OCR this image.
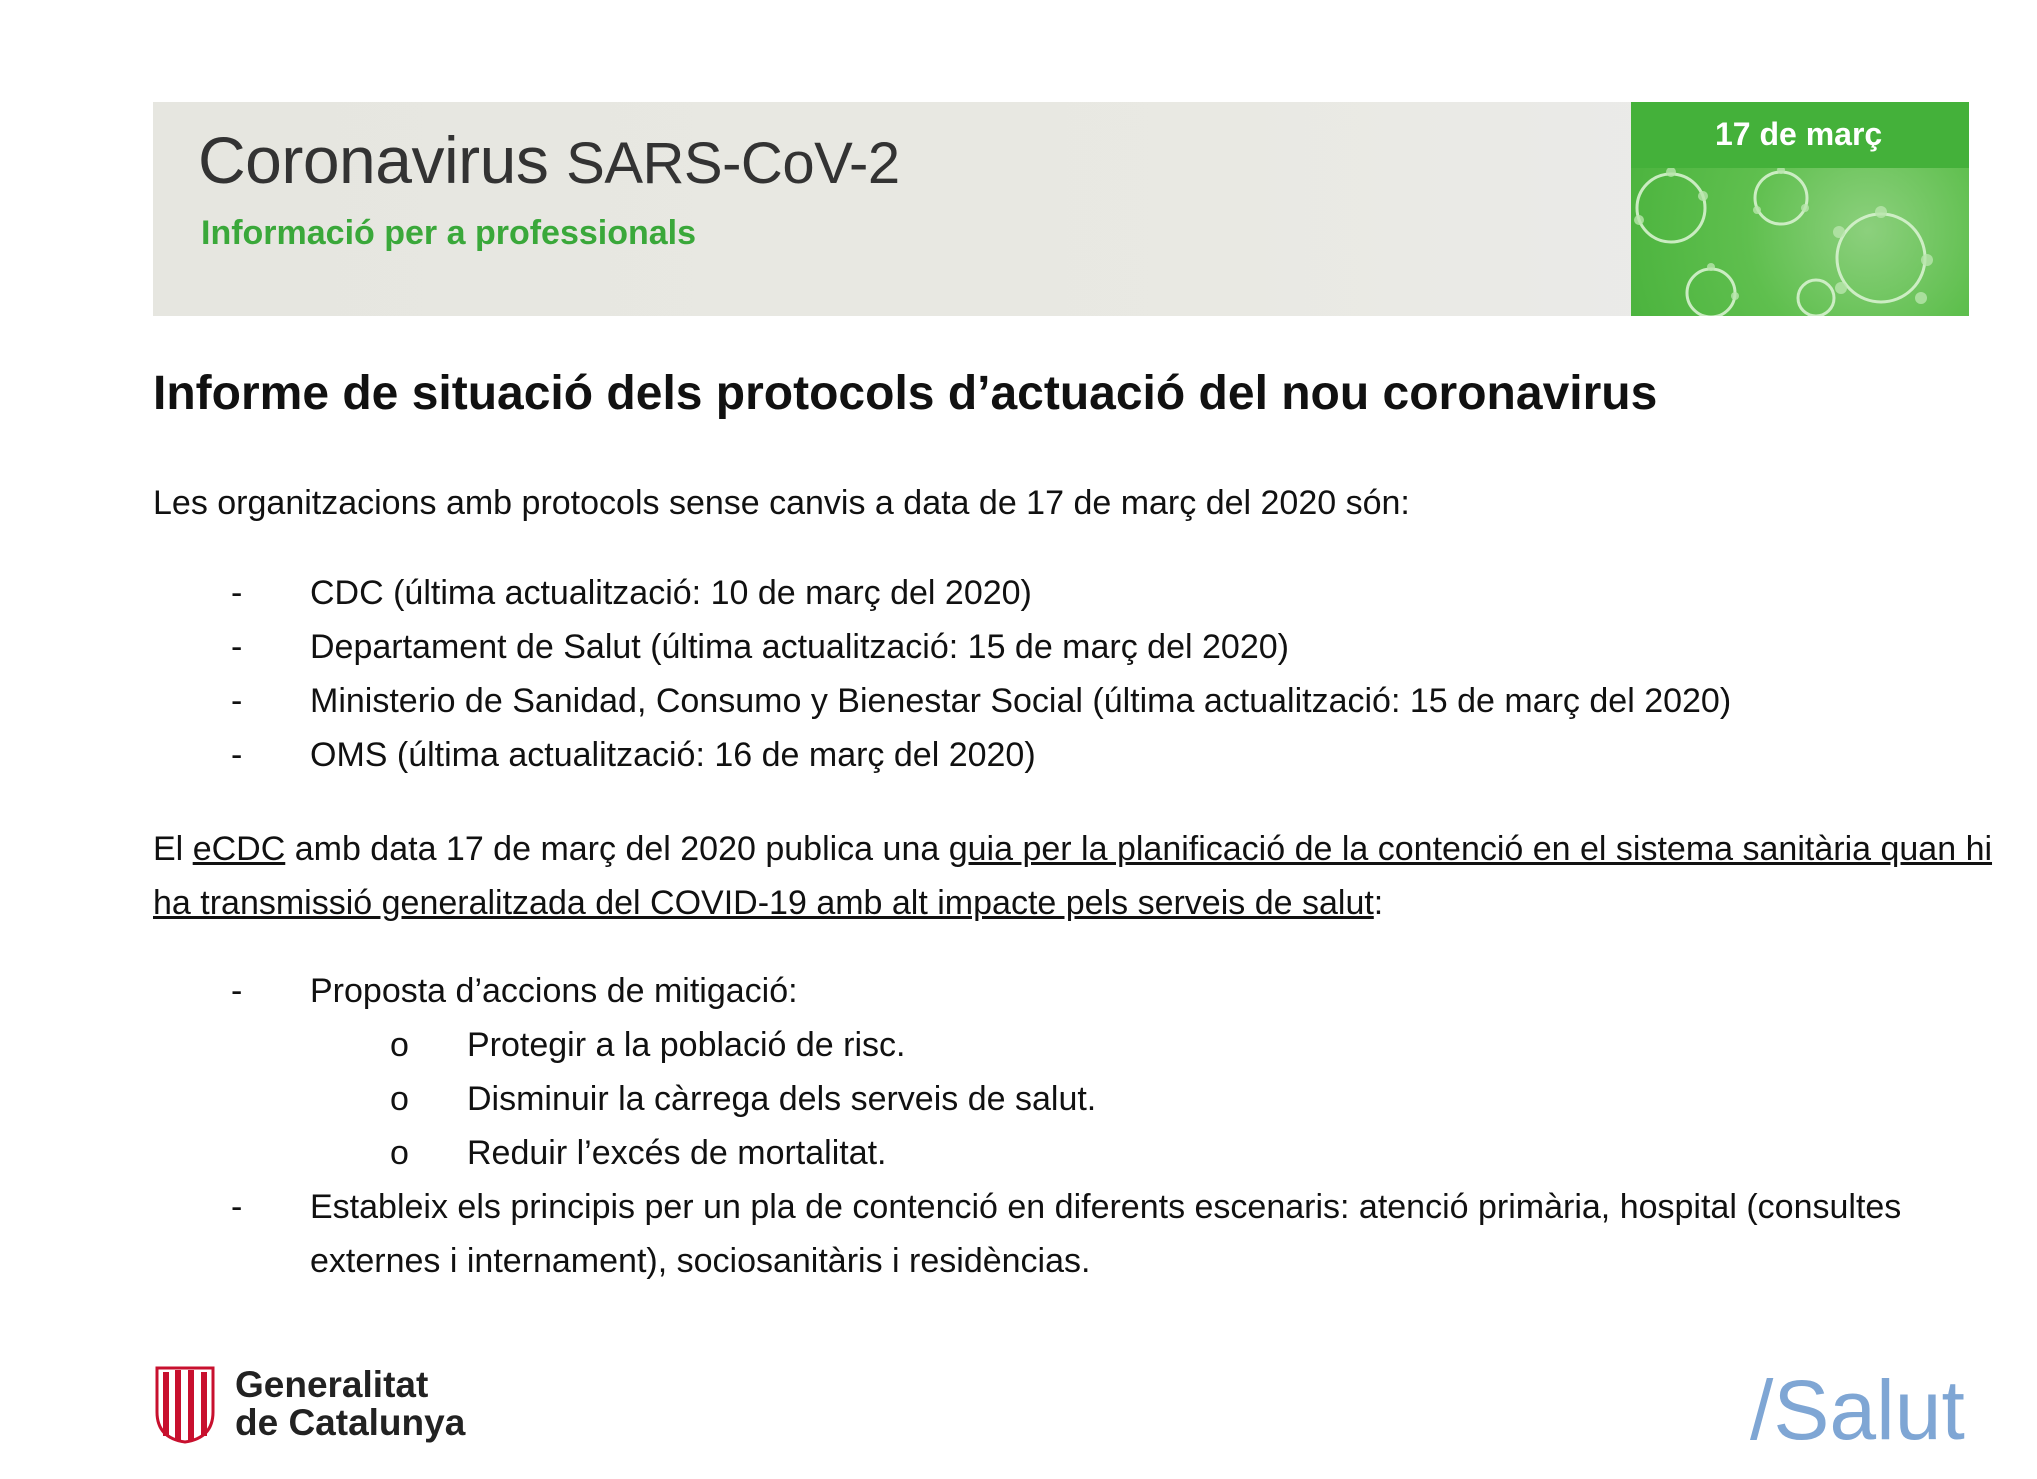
Coronavirus SARS-CoV-2
Informació per a professionals
17 de març
Informe de situació dels protocols d’actuació del nou coronavirus
Les organitzacions amb protocols sense canvis a data de 17 de març del 2020 són:
- CDC (última actualització: 10 de març del 2020)
- Departament de Salut (última actualització: 15 de març del 2020)
- Ministerio de Sanidad, Consumo y Bienestar Social (última actualització: 15 de març del 2020)
- OMS (última actualització: 16 de març del 2020)
El eCDC amb data 17 de març del 2020 publica una guia per la planificació de la contenció en el sistema sanitària quan hi ha transmissió generalitzada del COVID-19 amb alt impacte pels serveis de salut:
- Proposta d’accions de mitigació:
o Protegir a la població de risc.
o Disminuir la càrrega dels serveis de salut.
o Reduir l’excés de mortalitat.
- Estableix els principis per un pla de contenció en diferents escenaris: atenció primària, hospital (consultes externes i internament), sociosanitàris i residèncias.
Generalitat
de Catalunya	/Salut
